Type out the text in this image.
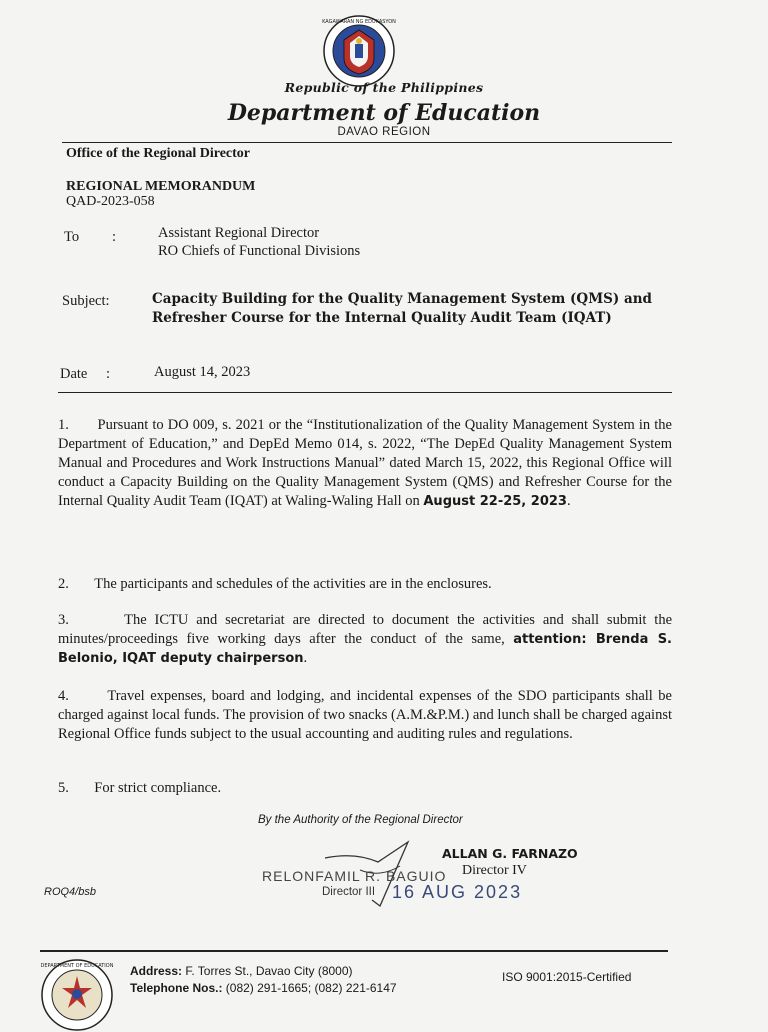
KAGAWARAN NG EDUKASYON
Republic of the Philippines
Department of Education
DAVAO REGION
Office of the Regional Director
REGIONAL MEMORANDUM
QAD-2023-058
To :	Assistant Regional Director
RO Chiefs of Functional Divisions
Subject:	Capacity Building for the Quality Management System (QMS) and Refresher Course for the Internal Quality Audit Team (IQAT)
Date :	August 14, 2023
1. Pursuant to DO 009, s. 2021 or the “Institutionalization of the Quality Management System in the Department of Education,” and DepEd Memo 014, s. 2022, “The DepEd Quality Management System Manual and Procedures and Work Instructions Manual” dated March 15, 2022, this Regional Office will conduct a Capacity Building on the Quality Management System (QMS) and Refresher Course for the Internal Quality Audit Team (IQAT) at Waling-Waling Hall on August 22-25, 2023.
2. The participants and schedules of the activities are in the enclosures.
3.	The ICTU and secretariat are directed to document the activities and shall submit the minutes/proceedings five working days after the conduct of the same, attention: Brenda S. Belonio, IQAT deputy chairperson.
4.	Travel expenses, board and lodging, and incidental expenses of the SDO participants shall be charged against local funds. The provision of two snacks (A.M.&P.M.) and lunch shall be charged against Regional Office funds subject to the usual accounting and auditing rules and regulations.
5. For strict compliance.
By the Authority of the Regional Director
ALLAN G. FARNAZO
Director IV
RELONFAMIL R. BAGUIO
Director III 16 AUG 2023
ROQ4/bsb
DEPARTMENT OF EDUCATION Address: F. Torres St., Davao City (8000)
Telephone Nos.: (082) 291-1665; (082) 221-6147
ISO 9001:2015-Certified
